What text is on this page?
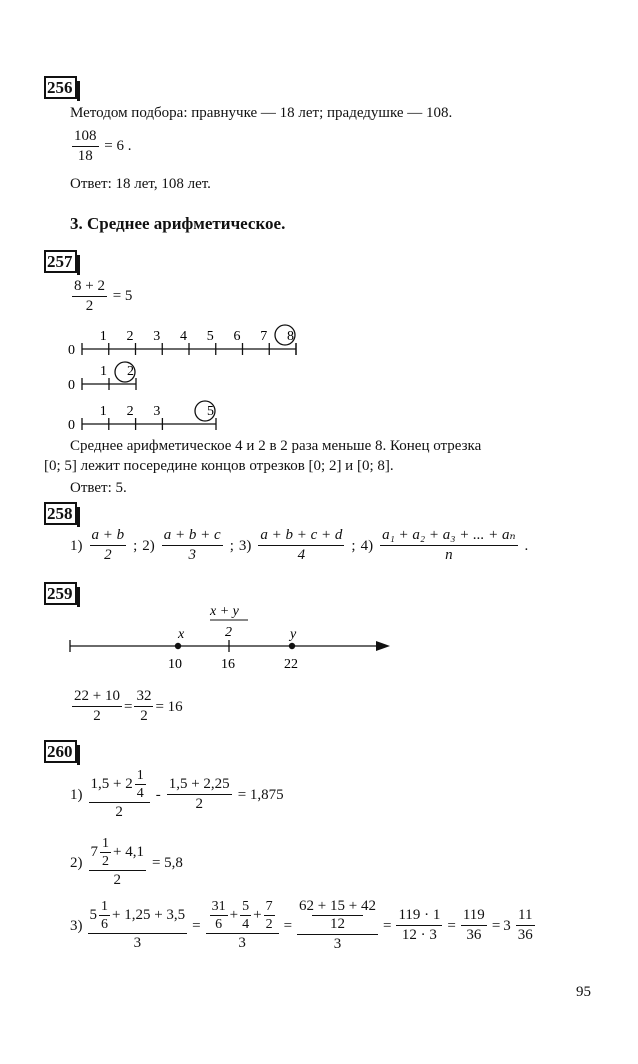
256
Методом подбора: правнучке — 18 лет; прадедушке — 108.
$\frac{108}{18} = 6$ .
Ответ: 18 лет, 108 лет.
3. Среднее арифметическое.
257
$\frac{8 + 2}{2} = 5$
0
1 2 3 4 5 6 7 8
0
1 2
0
1 2 3	5
Среднее арифметическое 4 и 2 в 2 раза меньше 8. Конец отрезка
[0; 5] лежит посередине концов отрезков [0; 2] и [0; 8].
Ответ: 5.
258
$1) \frac{a + b}{2}$ ; $2) \frac{a + b + c}{3}$ ; $3) \frac{a + b + c + d}{4}$ ; $4) \frac{\text{a₁ + a₂ + a₃ + ... + aₙ}}{n}$ .
259
x
x + y
2	y
10	16	22
$\frac{22 + 10}{2} = \frac{32}{2} = 16$
260
$1) \frac{1,5 + 2 \frac{1}{4}}{2} - \frac{1,5 + 2,25}{2} = 1,875$
$2) \frac{7 \frac{1}{2} + 4,1}{2} = 5,8$
$3) \frac{5 \frac{1}{6} + 1,25 + 3,5}{3} = \frac{\frac{31}{6} + \frac{5}{4} + \frac{7}{2}}{3} = \frac{\frac{62 + 15 + 42}{12}}{3} = \frac{119 \cdot 1}{12 \cdot 3} = \frac{119}{36} = 3 \frac{11}{36}$
95
